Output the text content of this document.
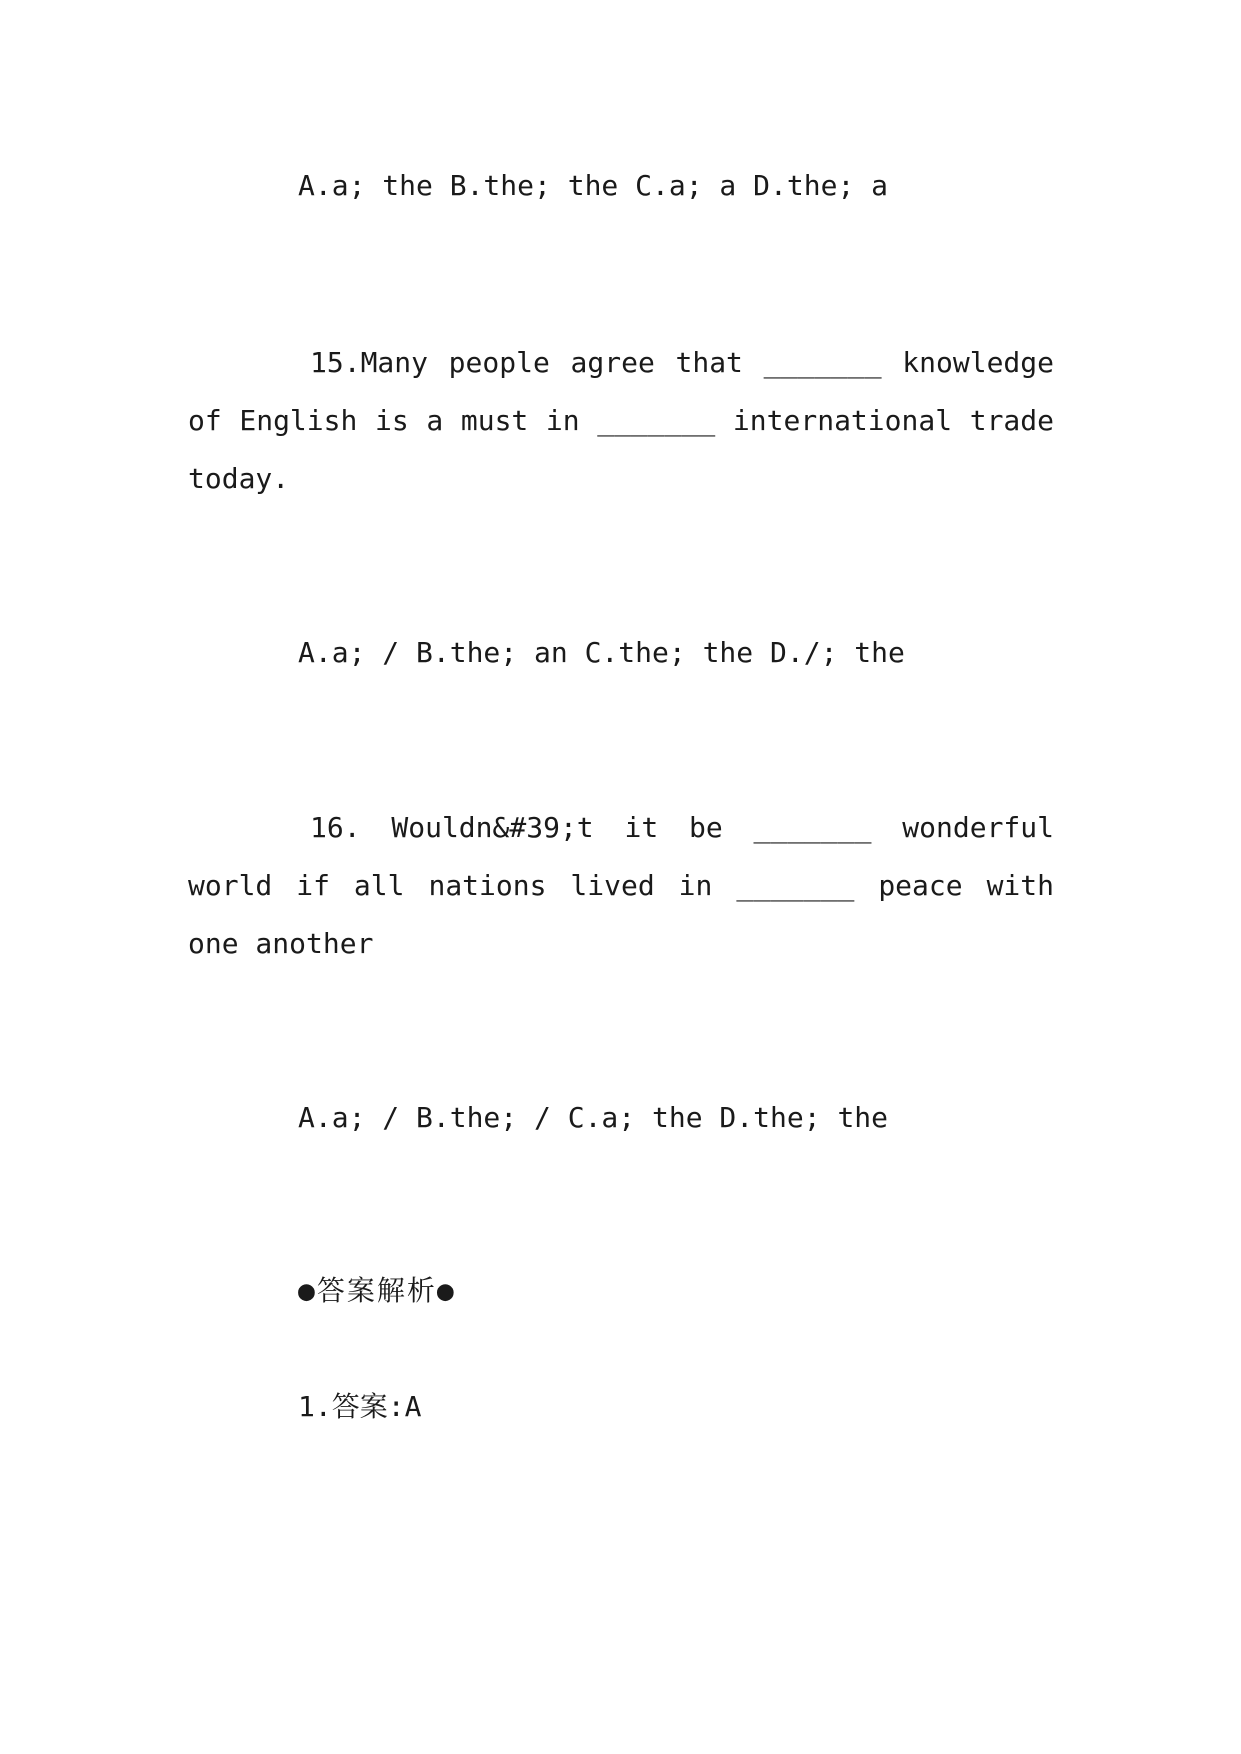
A.a; the B.the; the C.a; a D.the; a
15.Many people agree that _______ knowledge of English is a must in _______ international trade today.
A.a; / B.the; an C.the; the D./; the
16. Wouldn&#39;t it be _______ wonderful world if all nations lived in _______ peace with one another
A.a; / B.the; / C.a; the D.the; the
●答案解析●
1.答案:A
